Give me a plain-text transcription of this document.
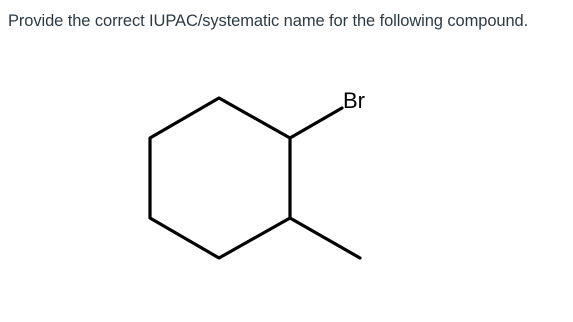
Provide the correct IUPAC/systematic name for the following compound.

Br
